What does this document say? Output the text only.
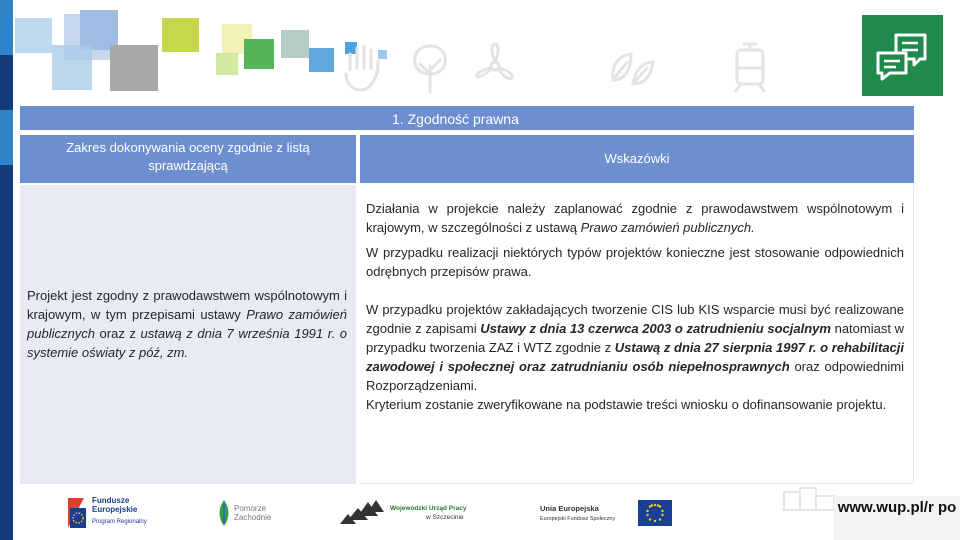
1. Zgodność prawna
Zakres dokonywania oceny zgodnie z listą sprawdzającą	Wskazówki
Projekt jest zgodny z prawodawstwem wspólnotowym i krajowym, w tym przepisami ustawy Prawo zamówień publicznych oraz z ustawą z dnia 7 września 1991 r. o systemie oświaty z póź, zm.
Działania w projekcie należy zaplanować zgodnie z prawodawstwem wspólnotowym i krajowym, w szczególności z ustawą Prawo zamówień publicznych.
W przypadku realizacji niektórych typów projektów konieczne jest stosowanie odpowiednich odrębnych przepisów prawa.
W przypadku projektów zakładających tworzenie CIS lub KIS wsparcie musi być realizowane zgodnie z zapisami Ustawy z dnia 13 czerwca 2003 o zatrudnieniu socjalnym natomiast w przypadku tworzenia ZAZ i WTZ zgodnie z Ustawą z dnia 27 sierpnia 1997 r. o rehabilitacji zawodowej i społecznej oraz zatrudnianiu osób niepełnosprawnych oraz odpowiednimi Rozporządzeniami.
Kryterium zostanie zweryfikowane na podstawie treści wniosku o dofinansowanie projektu.
Fundusze
Europejskie
Program Regionalny
Pomorze
Zachodnie
Wojewódzki Urząd Pracy
w Szczecinie
Unia Europejska
Europejski Fundusz Społeczny
www.wup.pl/r po
